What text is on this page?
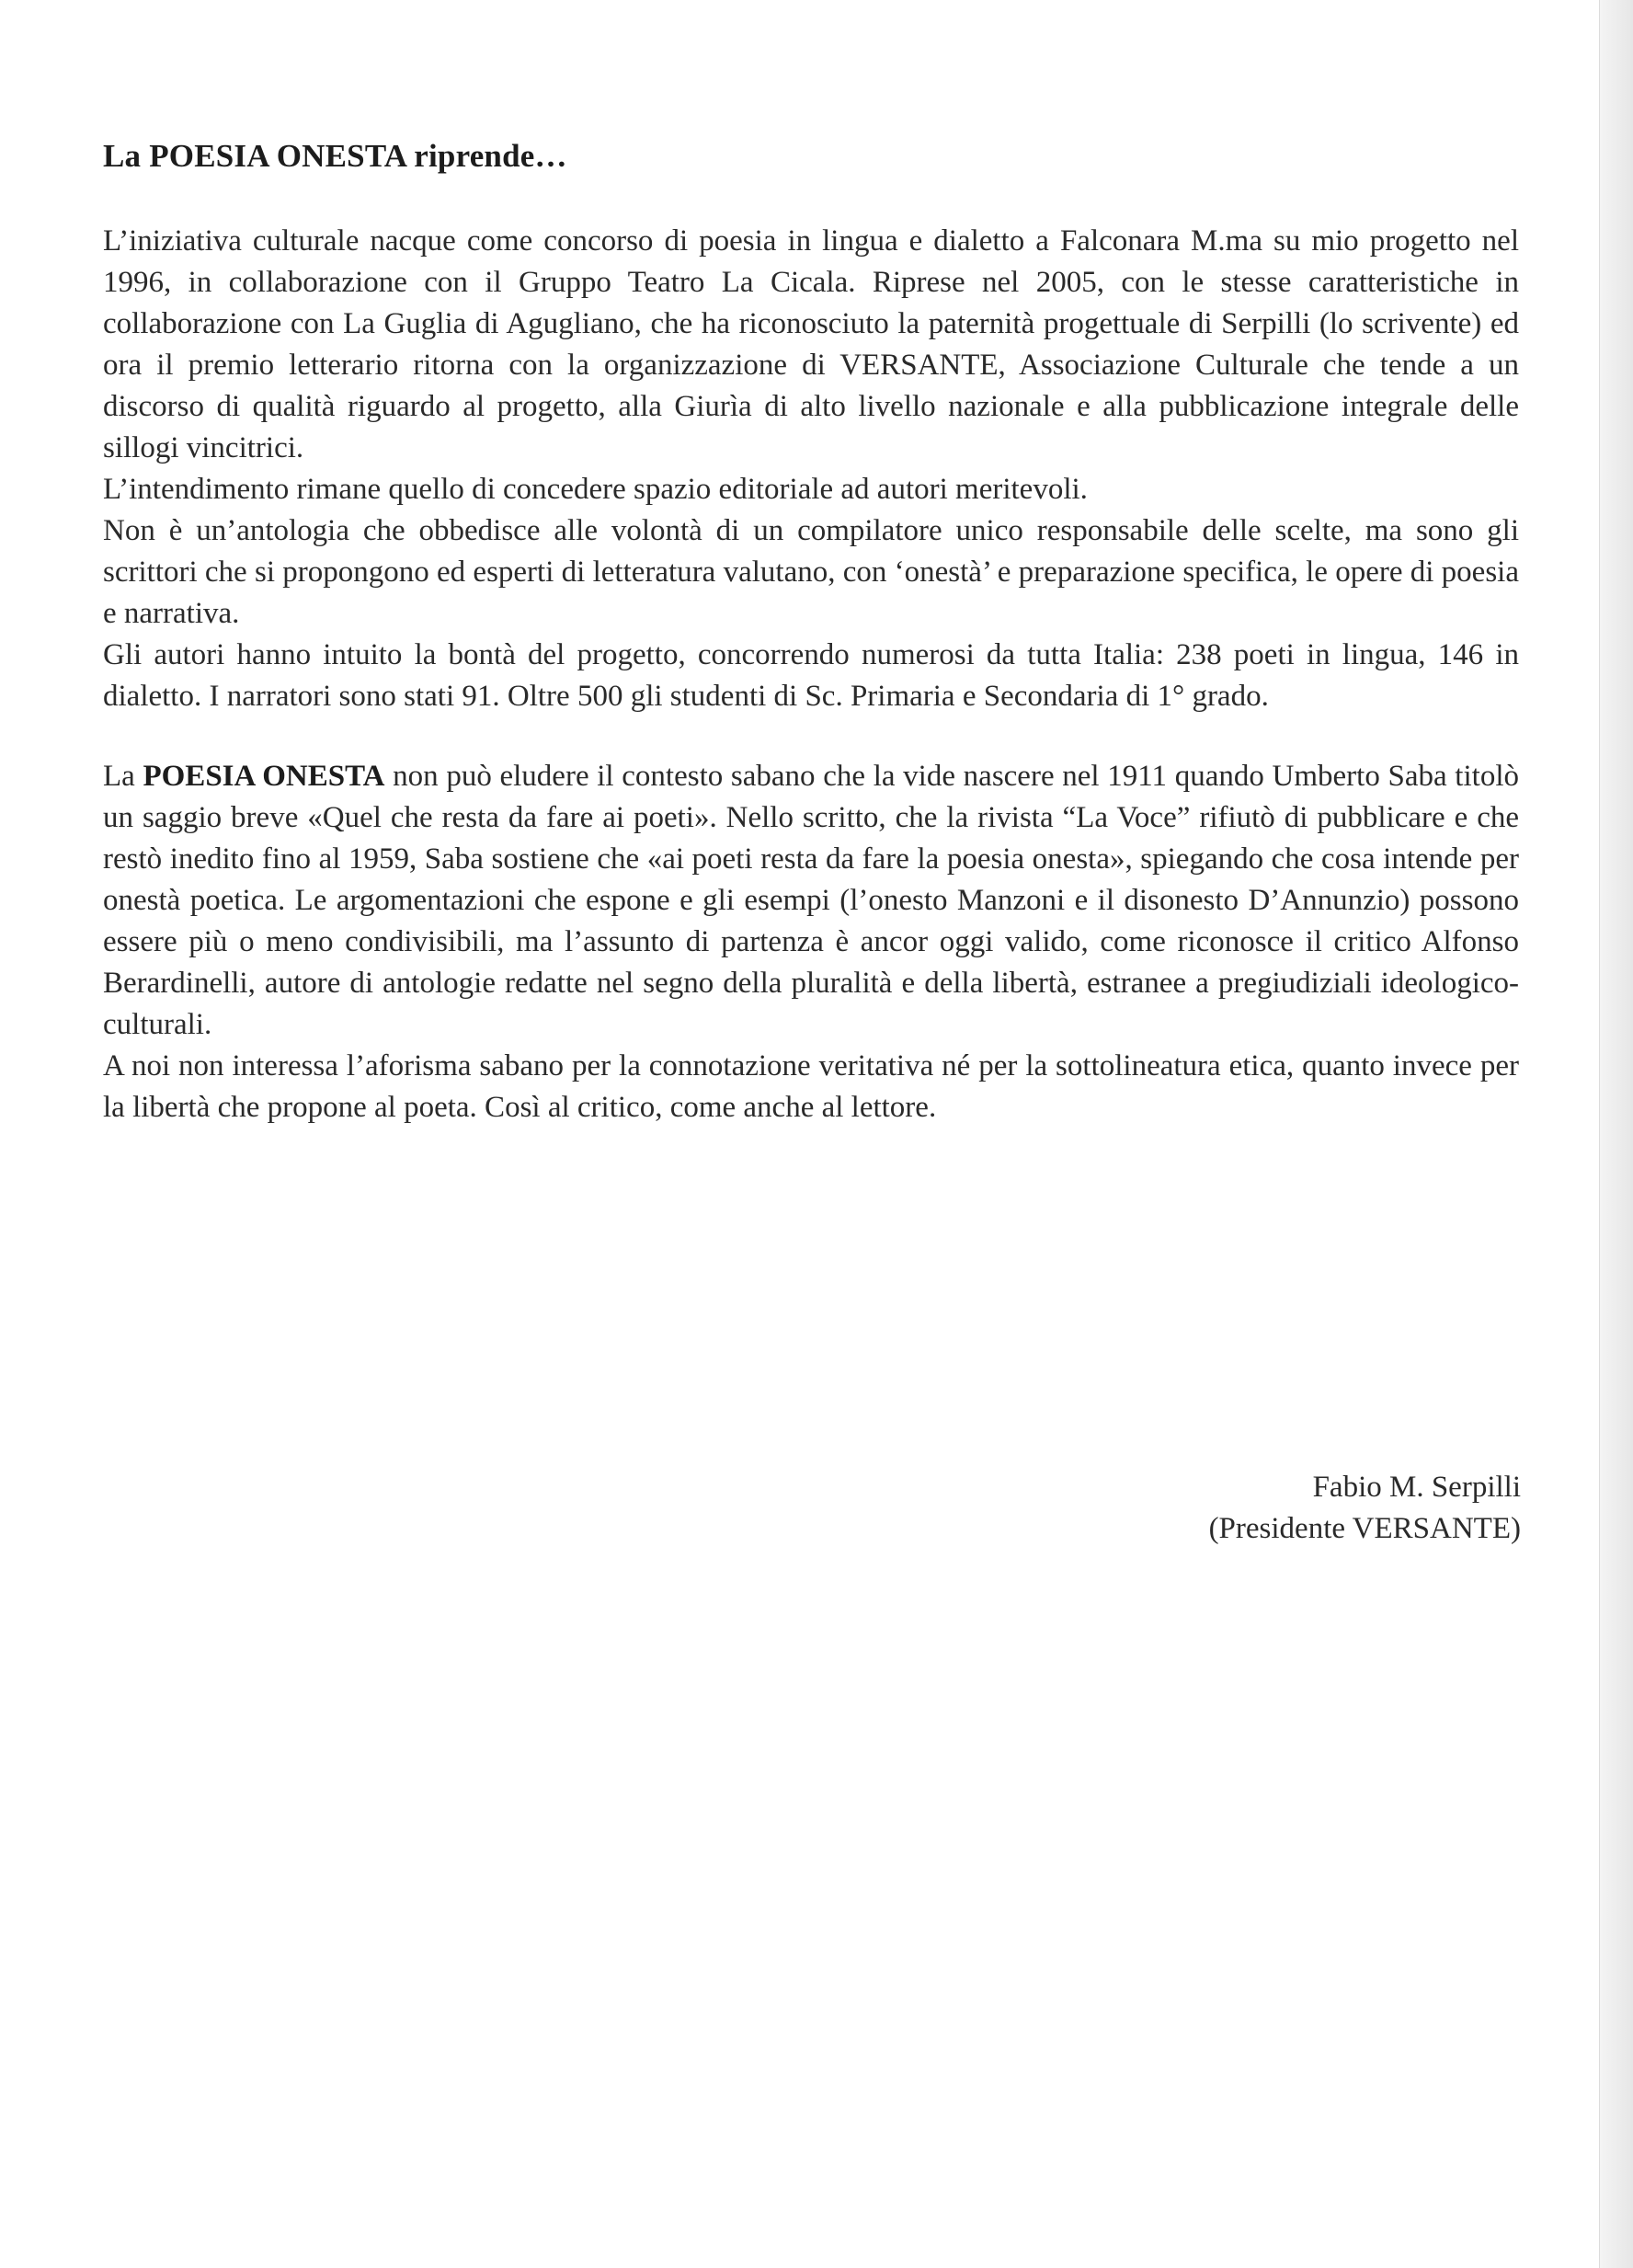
La POESIA ONESTA riprende…

L’iniziativa culturale nacque come concorso di poesia in lingua e dialetto a Falconara M.ma su mio progetto nel 1996, in collaborazione con il Gruppo Teatro La Cicala. Riprese nel 2005, con le stesse caratteristiche in collaborazione con La Guglia di Agugliano, che ha riconosciuto la paternità progettuale di Serpilli (lo scrivente) ed ora il premio letterario ritorna con la organizzazione di VERSANTE, Associazione Culturale che tende a un discorso di qualità riguardo al progetto, alla Giurìa di alto livello nazionale e alla pubblicazione integrale delle sillogi vincitrici.

L’intendimento rimane quello di concedere spazio editoriale ad autori meritevoli.

Non è un’antologia che obbedisce alle volontà di un compilatore unico responsabile delle scelte, ma sono gli scrittori che si propongono ed esperti di letteratura valutano, con ‘onestà’ e preparazione specifica, le opere di poesia e narrativa.

Gli autori hanno intuito la bontà del progetto, concorrendo numerosi da tutta Italia: 238 poeti in lingua, 146 in dialetto. I narratori sono stati 91. Oltre 500 gli studenti di Sc. Primaria e Secondaria di 1° grado.

La POESIA ONESTA non può eludere il contesto sabano che la vide nascere nel 1911 quando Umberto Saba titolò un saggio breve «Quel che resta da fare ai poeti». Nello scritto, che la rivista “La Voce” rifiutò di pubblicare e che restò inedito fino al 1959, Saba sostiene che «ai poeti resta da fare la poesia onesta», spiegando che cosa intende per onestà poetica. Le argomentazioni che espone e gli esempi (l’onesto Manzoni e il disonesto D’Annunzio) possono essere più o meno condivisibili, ma l’assunto di partenza è ancor oggi valido, come riconosce il critico Alfonso Berardinelli, autore di antologie redatte nel segno della pluralità e della libertà, estranee a pregiudiziali ideologico-culturali.

A noi non interessa l’aforisma sabano per la connotazione veritativa né per la sottolineatura etica, quanto invece per la libertà che propone al poeta. Così al critico, come anche al lettore.

Fabio M. Serpilli
(Presidente VERSANTE)
